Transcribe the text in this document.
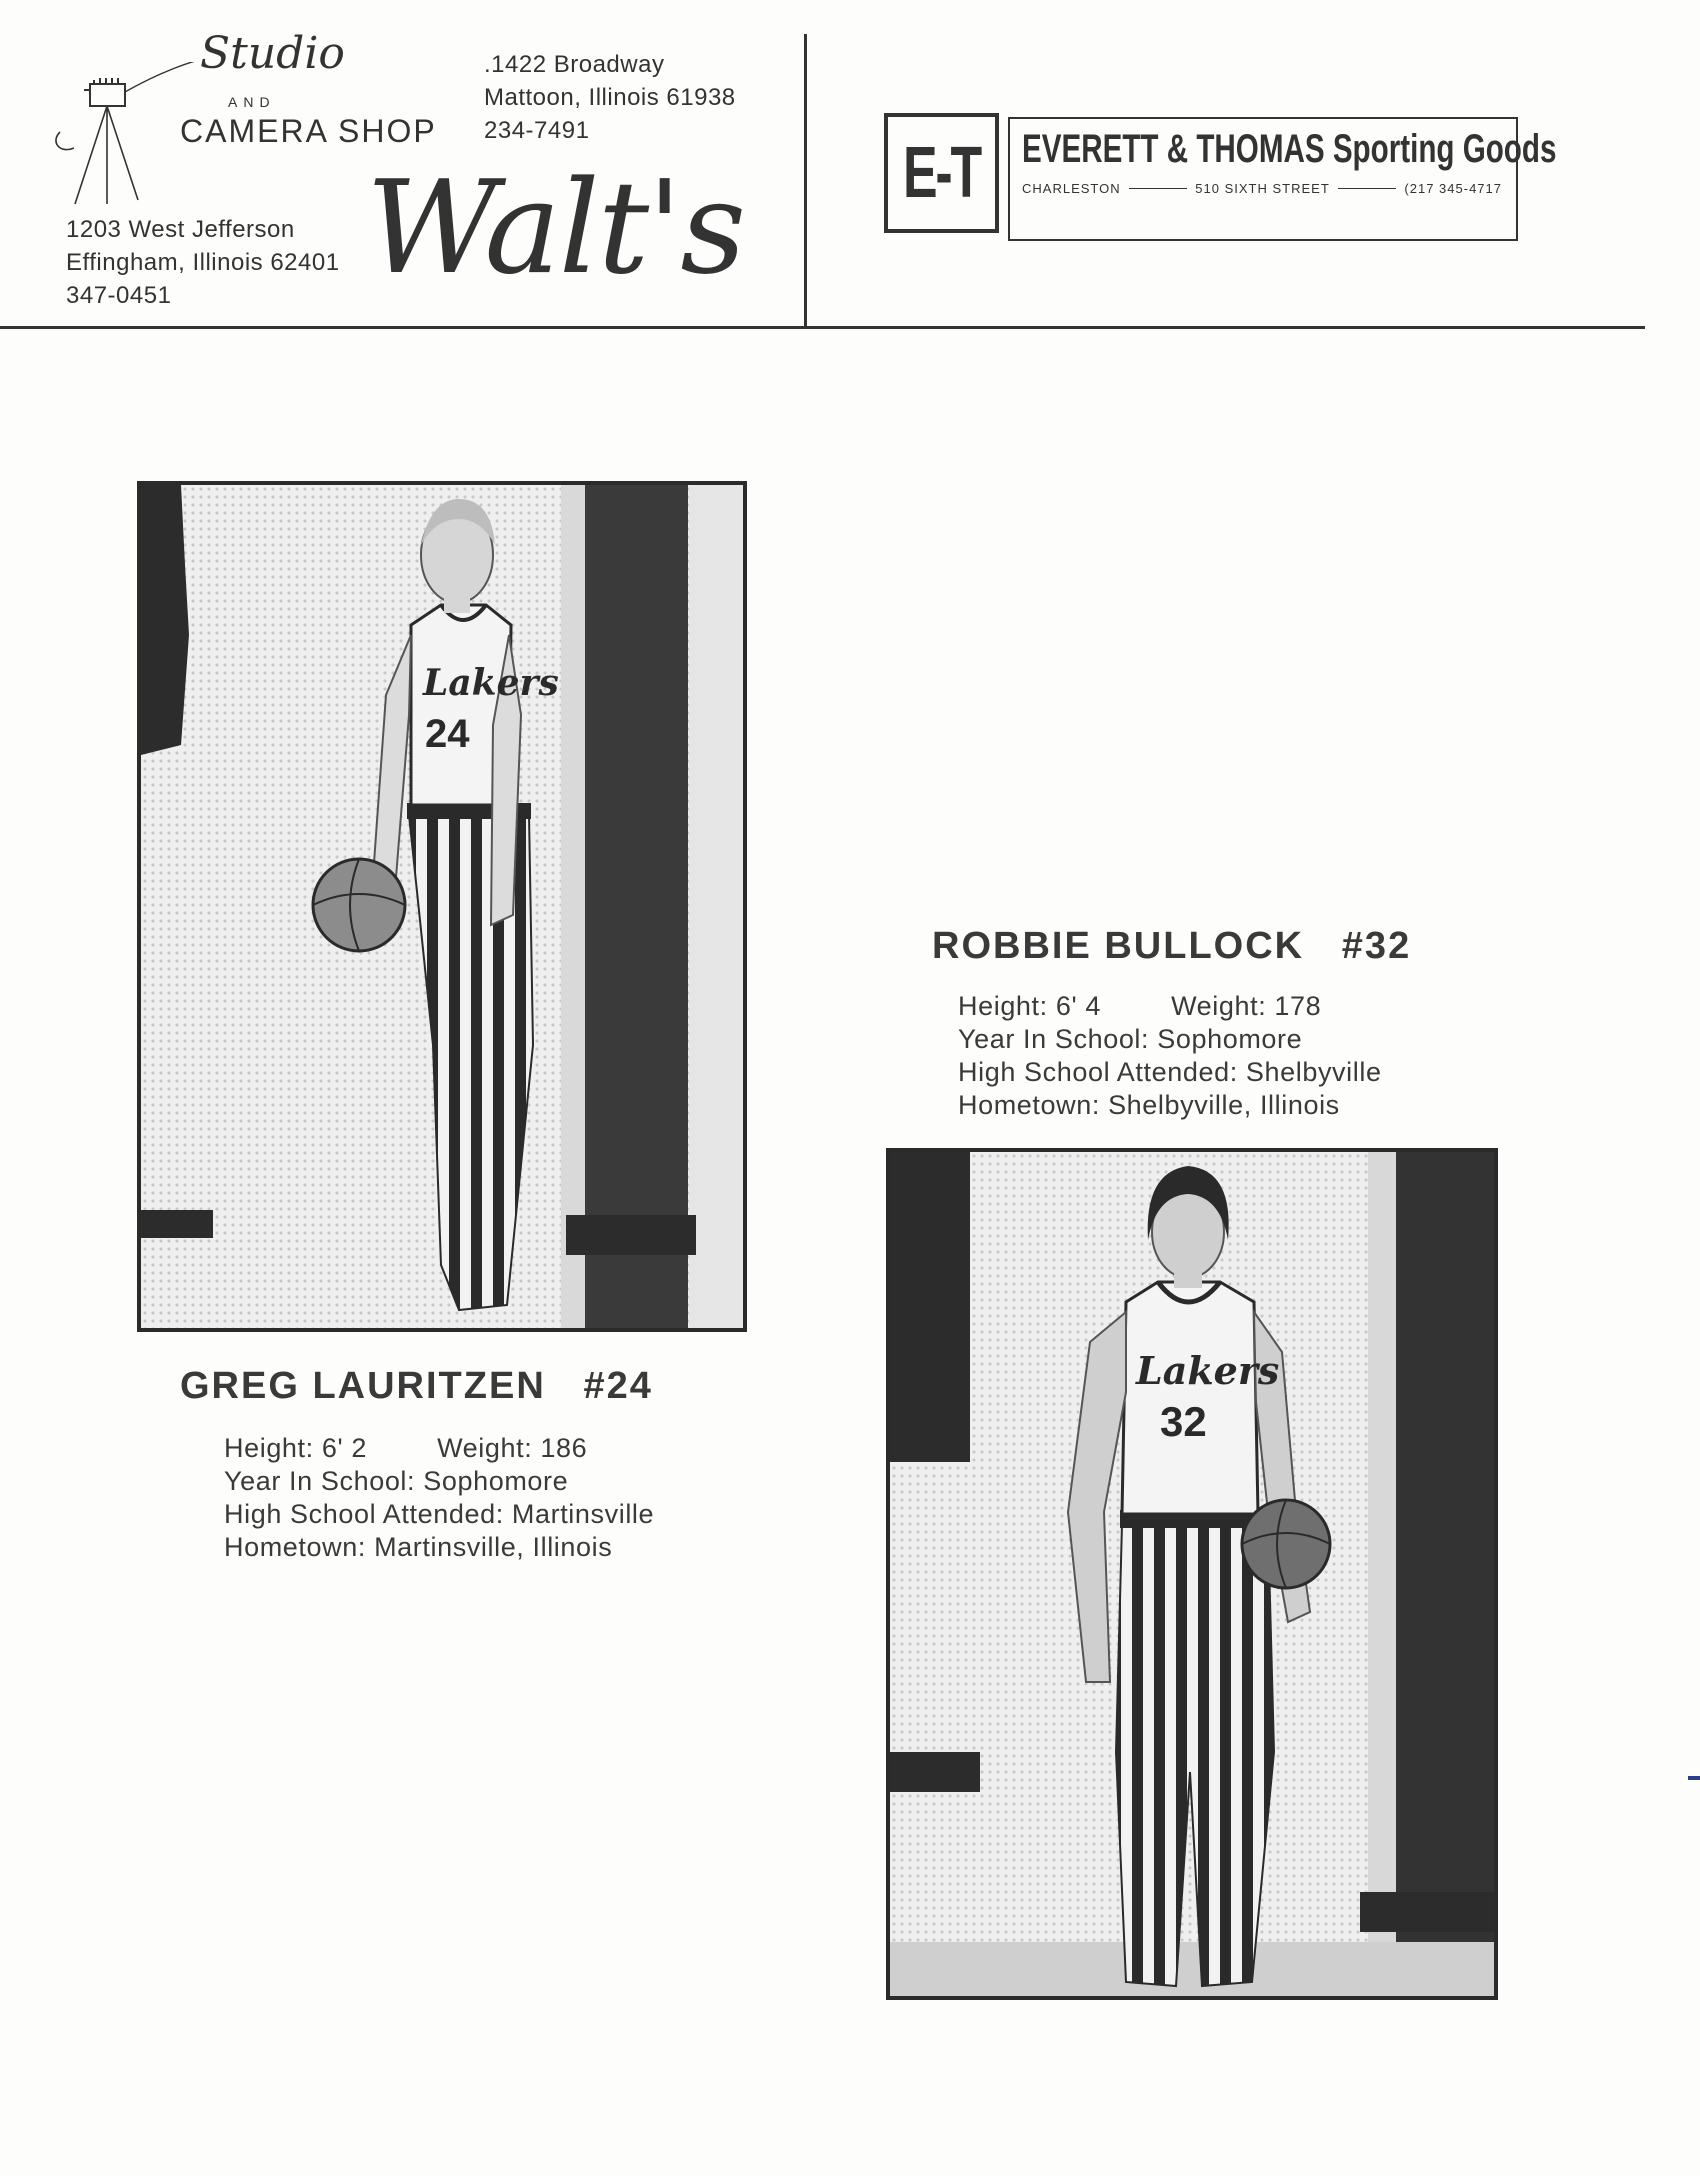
Studio
AND
CAMERA SHOP
.1422 Broadway
Mattoon, Illinois 61938
234-7491
1203 West Jefferson
Effingham, Illinois 62401
347-0451	Walt's E-T EVERETT & THOMAS Sporting Goods
CHARLESTON	510 SIXTH STREET	(217 345-4717
Lakers
24
GREG LAURITZEN #24
Height: 6' 2	Weight: 186
Year In School: Sophomore
High School Attended: Martinsville
Hometown: Martinsville, Illinois
ROBBIE BULLOCK #32
Height: 6' 4	Weight: 178
Year In School: Sophomore
High School Attended: Shelbyville
Hometown: Shelbyville, Illinois
Lakers
32
